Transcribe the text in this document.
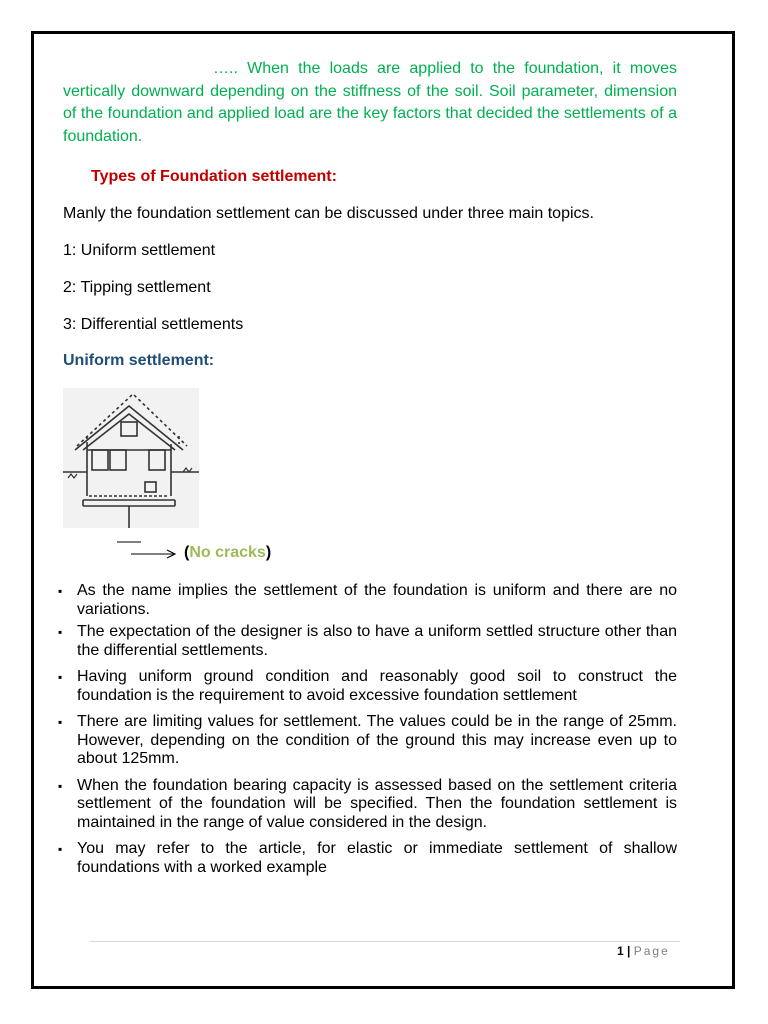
….. When the loads are applied to the foundation, it moves vertically downward depending on the stiffness of the soil. Soil parameter, dimension of the foundation and applied load are the key factors that decided the settlements of a foundation.

Types of Foundation settlement:

Manly the foundation settlement can be discussed under three main topics.

1: Uniform settlement

2: Tipping settlement

3: Differential settlements

Uniform settlement:

(No cracks)
▪ As the name implies the settlement of the foundation is uniform and there are no variations.
▪ The expectation of the designer is also to have a uniform settled structure other than the differential settlements.
▪ Having uniform ground condition and reasonably good soil to construct the foundation is the requirement to avoid excessive foundation settlement
▪ There are limiting values for settlement. The values could be in the range of 25mm. However, depending on the condition of the ground this may increase even up to about 125mm.
▪ When the foundation bearing capacity is assessed based on the settlement criteria settlement of the foundation will be specified. Then the foundation settlement is maintained in the range of value considered in the design.
▪ You may refer to the article, for elastic or immediate settlement of shallow foundations with a worked example
1 | Page
